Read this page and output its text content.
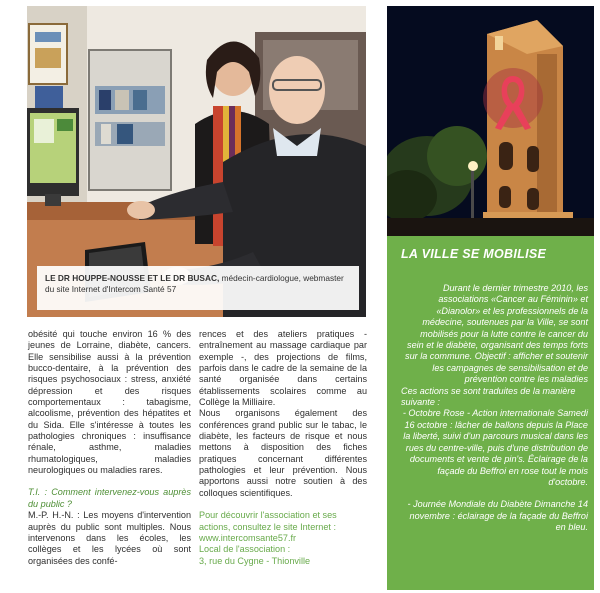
LE DR HOUPPE-NOUSSE ET LE DR BUSAC, médecin-cardiologue, webmaster du site Internet d'Intercom Santé 57

obésité qui touche environ 16 % des jeunes de Lorraine, diabète, cancers. Elle sensibilise aussi à la prévention bucco-dentaire, à la prévention des risques psychosociaux : stress, anxiété dépression et des risques comportementaux : tabagisme, alcoolisme, prévention des hépatites et du Sida. Elle s'intéresse à toutes les pathologies chroniques : insuffisance rénale, asthme, maladies rhumatologiques, maladies neurologiques ou maladies rares.

T.I. : Comment intervenez-vous auprès du public ?

M.-P. H.-N. : Les moyens d'intervention auprès du public sont multiples. Nous intervenons dans les écoles, les collèges et les lycées où sont organisées des confé-

rences et des ateliers pratiques - entraînement au massage cardiaque par exemple -, des projections de films, parfois dans le cadre de la semaine de la santé organisée dans certains établissements scolaires comme au Collège la Milliaire.

Nous organisons également des conférences grand public sur le tabac, le diabète, les facteurs de risque et nous mettons à disposition des fiches pratiques concernant différentes pathologies et leur prévention. Nous apportons aussi notre soutien à des colloques scientifiques.

Pour découvrir l'association et ses actions, consultez le site Internet :

www.intercomsante57.fr

Local de l'association :

3, rue du Cygne - Thionville

LA VILLE SE MOBILISE

Durant le dernier trimestre 2010, les associations «Cancer au Féminin» et «Dianolor» et les professionnels de la médecine, soutenues par la Ville, se sont mobilisés pour la lutte contre le cancer du sein et le diabète, organisant des temps forts sur la commune. Objectif : afficher et soutenir les campagnes de sensibilisation et de prévention contre les maladies

Ces actions se sont traduites de la manière suivante :

- Octobre Rose - Action internationale Samedi 16 octobre : lâcher de ballons depuis la Place la liberté, suivi d'un parcours musical dans les rues du centre-ville, puis d'une distribution de documents et vente de pin's. Éclairage de la façade du Beffroi en rose tout le mois d'octobre.

- Journée Mondiale du Diabète Dimanche 14 novembre : éclairage de la façade du Beffroi en bleu.
